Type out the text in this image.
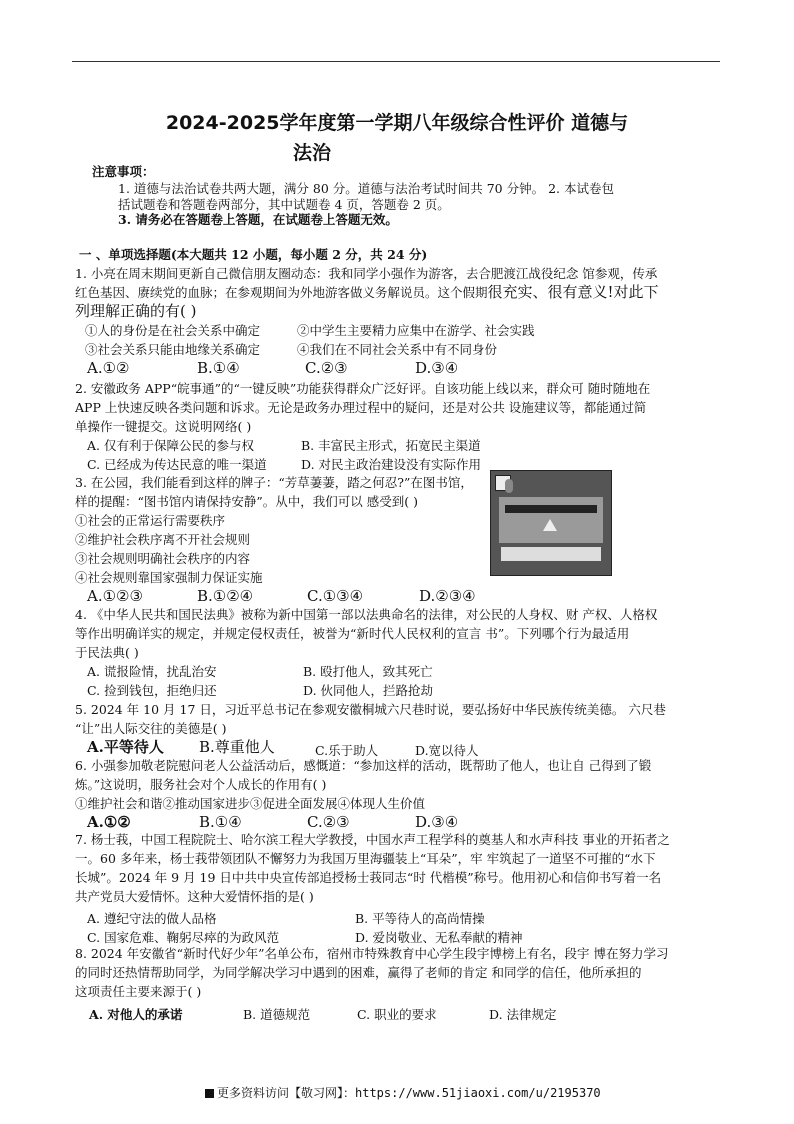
2024-2025学年度第一学期八年级综合性评价 道德与
法治
注意事项：
1. 道德与法治试卷共两大题，满分 80 分。道德与法治考试时间共 70 分钟。 2. 本试卷包
括试题卷和答题卷两部分，其中试题卷 4 页，答题卷 2 页。
3. 请务必在答题卷上答题，在试题卷上答题无效。
一 、单项选择题(本大题共 12 小题，每小题 2 分，共 24 分)
1. 小亮在周末期间更新自己微信朋友圈动态：我和同学小强作为游客，去合肥渡江战役纪念 馆参观，传承
红色基因、赓续党的血脉；在参观期间为外地游客做义务解说员。这个假期很充实、很有意义!对此下
列理解正确的有( )
①人的身份是在社会关系中确定	②中学生主要精力应集中在游学、社会实践
③社会关系只能由地缘关系确定	④我们在不同社会关系中有不同身份
A.①②	B.①④	C.②③	D.③④
2. 安徽政务 APP“皖事通”的“一键反映”功能获得群众广泛好评。自该功能上线以来，群众可 随时随地在
APP 上快速反映各类问题和诉求。无论是政务办理过程中的疑问，还是对公共 设施建议等，都能通过简
单操作一键提交。这说明网络( )
A. 仅有利于保障公民的参与权	B. 丰富民主形式，拓宽民主渠道
C. 已经成为传达民意的唯一渠道	D. 对民主政治建设没有实际作用
3. 在公园，我们能看到这样的牌子：“芳草萋萋，踏之何忍?”在图书馆，
样的提醒：“图书馆内请保持安静”。从中，我们可以 感受到( )
①社会的正常运行需要秩序
②维护社会秩序离不开社会规则
③社会规则明确社会秩序的内容
④社会规则靠国家强制力保证实施
A.①②③	B.①②④	C.①③④	D.②③④
4. 《中华人民共和国民法典》被称为新中国第一部以法典命名的法律，对公民的人身权、财 产权、人格权
等作出明确详实的规定，并规定侵权责任，被誉为“新时代人民权利的宣言 书”。下列哪个行为最适用
于民法典( )
A. 谎报险情，扰乱治安	B. 殴打他人，致其死亡
C. 捡到钱包，拒绝归还	D. 伙同他人，拦路抢劫
5. 2024 年 10 月 17 日，习近平总书记在参观安徽桐城六尺巷时说，要弘扬好中华民族传统美德。 六尺巷
“让”出人际交往的美德是( )
A.平等待人 B.尊重他人	C.乐于助人	D.宽以待人
6. 小强参加敬老院慰问老人公益活动后，感慨道：“参加这样的活动，既帮助了他人，也让自 己得到了锻
炼。”这说明，服务社会对个人成长的作用有( )
①维护社会和谐②推动国家进步③促进全面发展④体现人生价值
A.①②	B.①④	C.②③	D.③④
7. 杨士莪，中国工程院院士、哈尔滨工程大学教授，中国水声工程学科的奠基人和水声科技 事业的开拓者之
一。60 多年来，杨士莪带领团队不懈努力为我国万里海疆装上“耳朵”，牢 牢筑起了一道坚不可摧的“水下
长城”。2024 年 9 月 19 日中共中央宣传部追授杨士莪同志“时 代楷模”称号。他用初心和信仰书写着一名
共产党员大爱情怀。这种大爱情怀指的是( )
A. 遵纪守法的做人品格	B. 平等待人的高尚情操
C. 国家危难、鞠躬尽瘁的为政风范	D. 爱岗敬业、无私奉献的精神
8. 2024 年安徽省“新时代好少年”名单公布，宿州市特殊教育中心学生段宇博榜上有名，段宇 博在努力学习
的同时还热情帮助同学，为同学解决学习中遇到的困难，赢得了老师的肯定 和同学的信任，他所承担的
这项责任主要来源于( )
A. 对他人的承诺	B. 道德规范	C. 职业的要求	D. 法律规定
更多资料访问【敬习网】：https://www.51jiaoxi.com/u/2195370
